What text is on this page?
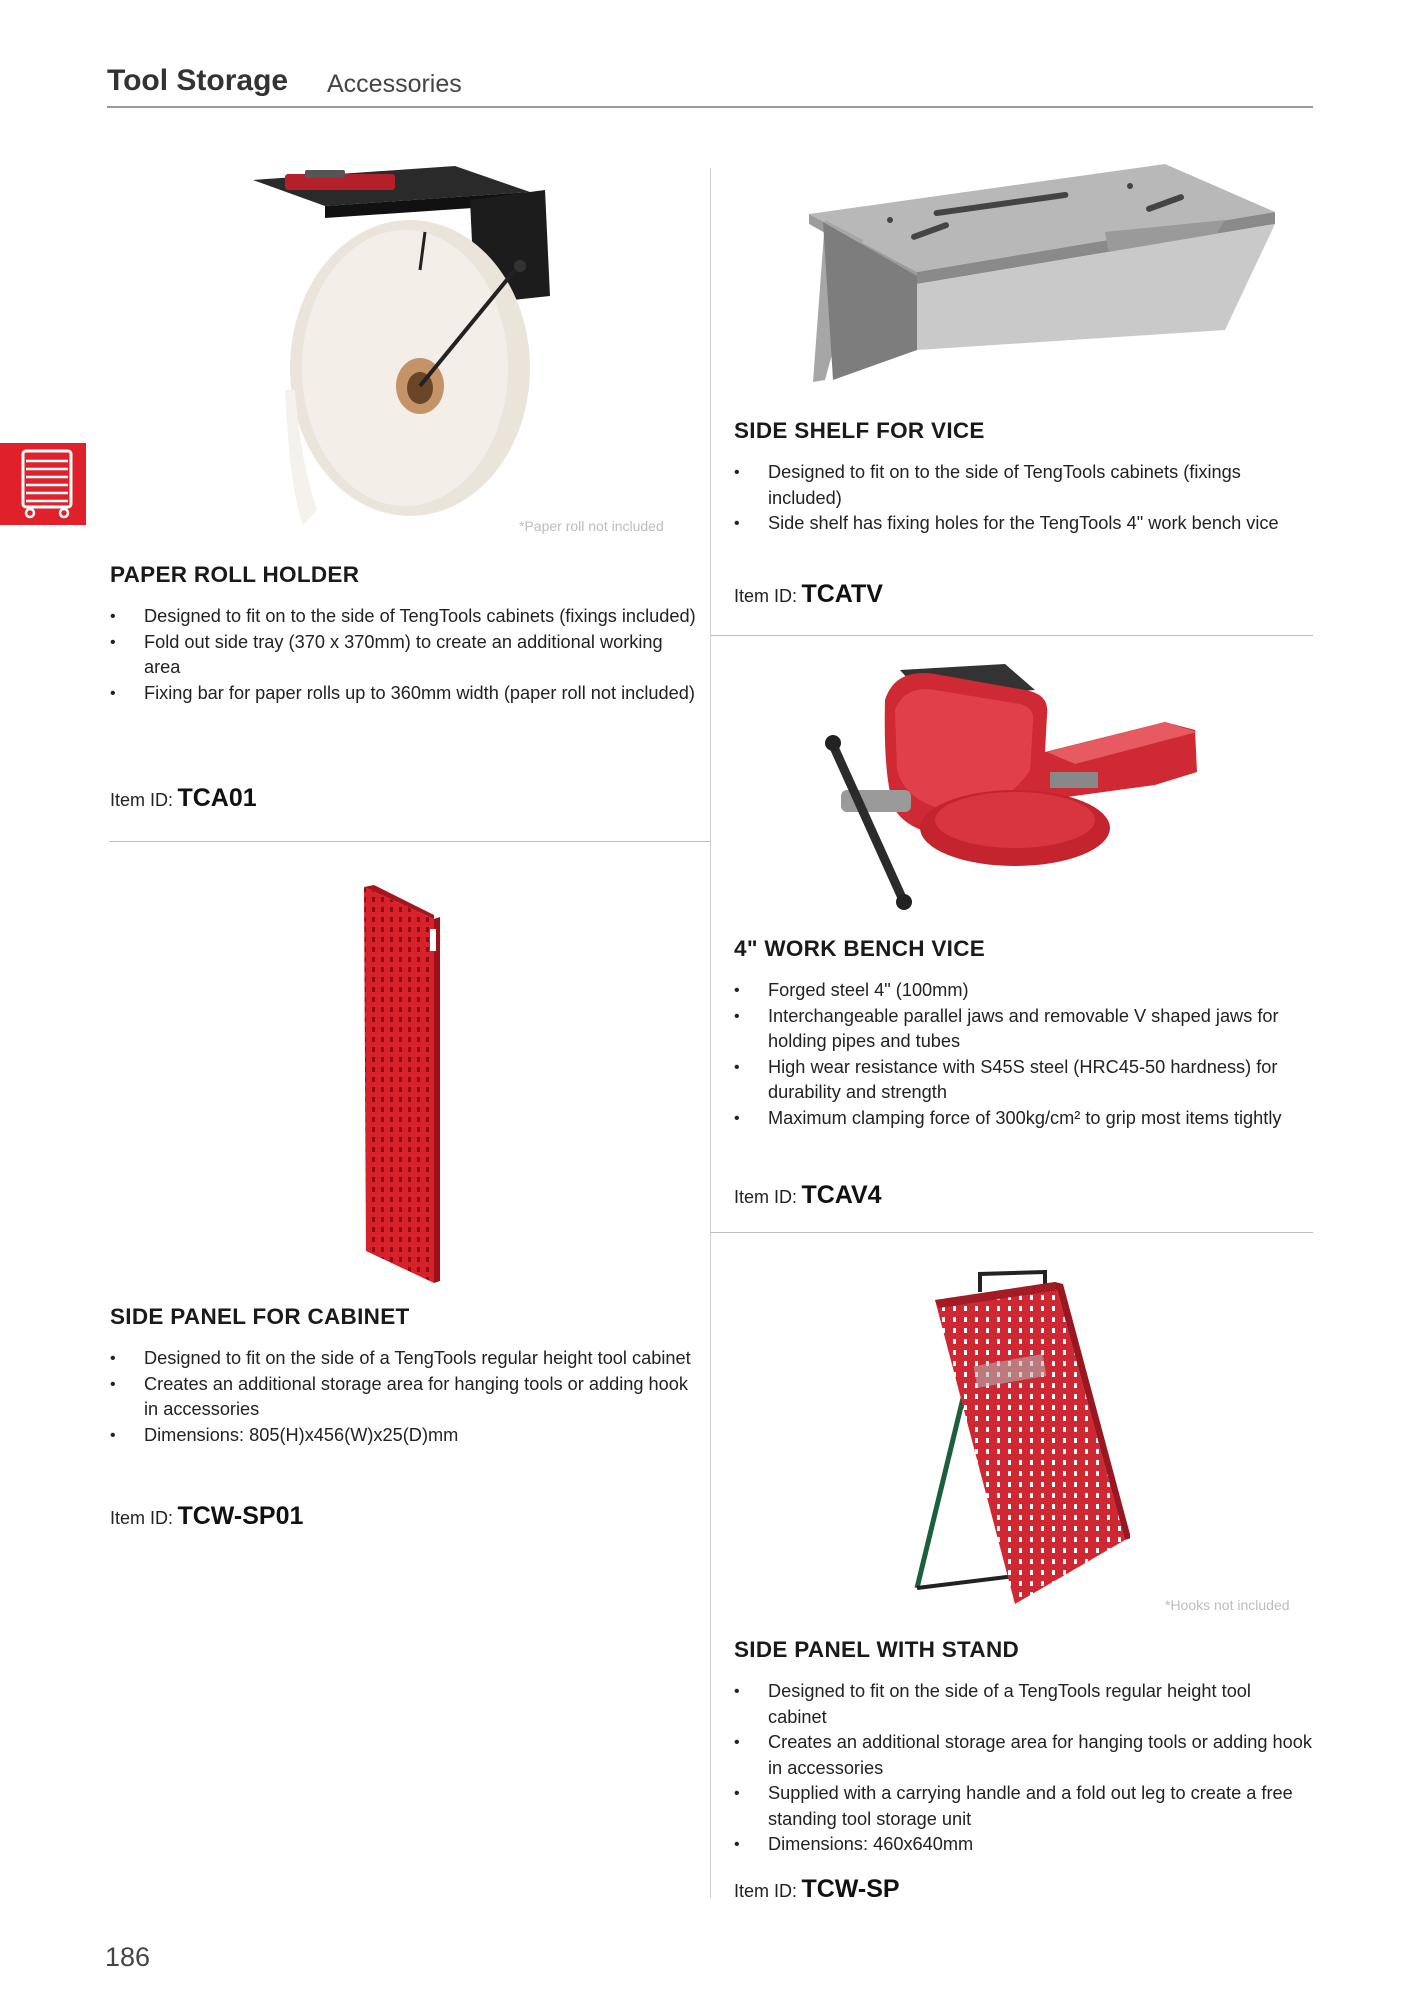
Tool Storage Accessories
*Paper roll not included
*Hooks not included
PAPER ROLL HOLDER
• Designed to fit on to the side of TengTools cabinets (fixings included)
• Fold out side tray (370 x 370mm) to create an additional working area
• Fixing bar for paper rolls up to 360mm width (paper roll not included)
Item ID: TCA01
SIDE SHELF FOR VICE
• Designed to fit on to the side of TengTools cabinets (fixings included)
• Side shelf has fixing holes for the TengTools 4" work bench vice
Item ID: TCATV
4" WORK BENCH VICE
• Forged steel 4" (100mm)
• Interchangeable parallel jaws and removable V shaped jaws for holding pipes and tubes
• High wear resistance with S45S steel (HRC45-50 hardness) for durability and strength
• Maximum clamping force of 300kg/cm² to grip most items tightly
Item ID: TCAV4
SIDE PANEL FOR CABINET
• Designed to fit on the side of a TengTools regular height tool cabinet
• Creates an additional storage area for hanging tools or adding hook in accessories
• Dimensions: 805(H)x456(W)x25(D)mm
Item ID: TCW-SP01
SIDE PANEL WITH STAND
• Designed to fit on the side of a TengTools regular height tool cabinet
• Creates an additional storage area for hanging tools or adding hook in accessories
• Supplied with a carrying handle and a fold out leg to create a free standing tool storage unit
• Dimensions: 460x640mm
Item ID: TCW-SP
186
